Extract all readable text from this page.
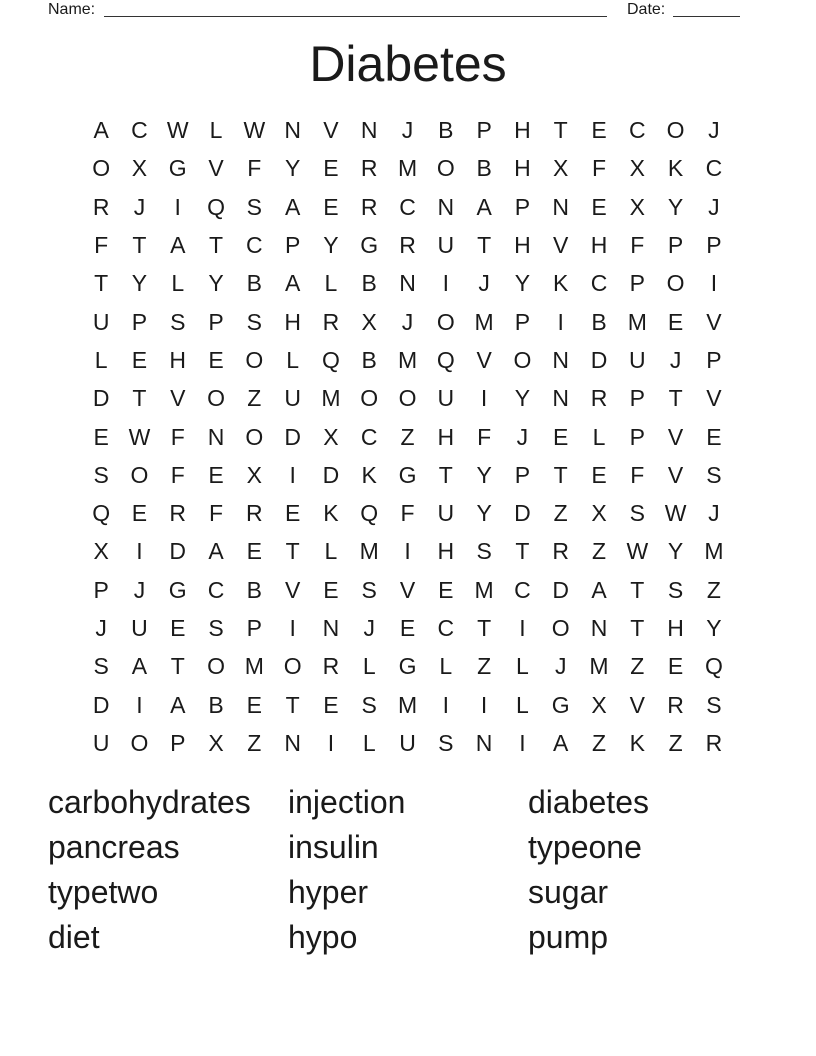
Name:	Date:
Diabetes
A C W L W N V N	J	B P H T	E C O	J
O X G V	F	Y E R M O B H X	F	X K C
R	J	I	Q S A E R C N A P N E X Y	J
F	T	A	T C P Y G R U T H V H F	P P
T	Y	L	Y B A	L	B N	I	J	Y K C P O	I
U P S P S H R X	J	O M P	I	B M E V
L	E H E O L Q B M Q V O N D U	J	P
D T	V O Z U M O O U	I	Y N R P	T	V
E W F N O D X C Z H F	J	E	L	P V E
S O F	E X	I	D K G T	Y P	T	E	F	V S
Q E R F R E K Q F U Y D Z	X S W J
X	I	D A E	T	L M	I	H S	T R Z W Y M
P	J	G C B V E S V E M C D A	T	S	Z
J	U E S P	I	N	J	E C T	I	O N T H Y
S A	T O M O R	L G L	Z	L	J M Z	E Q
D	I	A B E	T	E S M	I	I	L G X V R S
U O P X	Z N	I	L	U S N	I	A	Z	K	Z R
carbohydrates injection	diabetes
pancreas	insulin	typeone
typetwo	hyper	sugar
diet	hypo	pump
